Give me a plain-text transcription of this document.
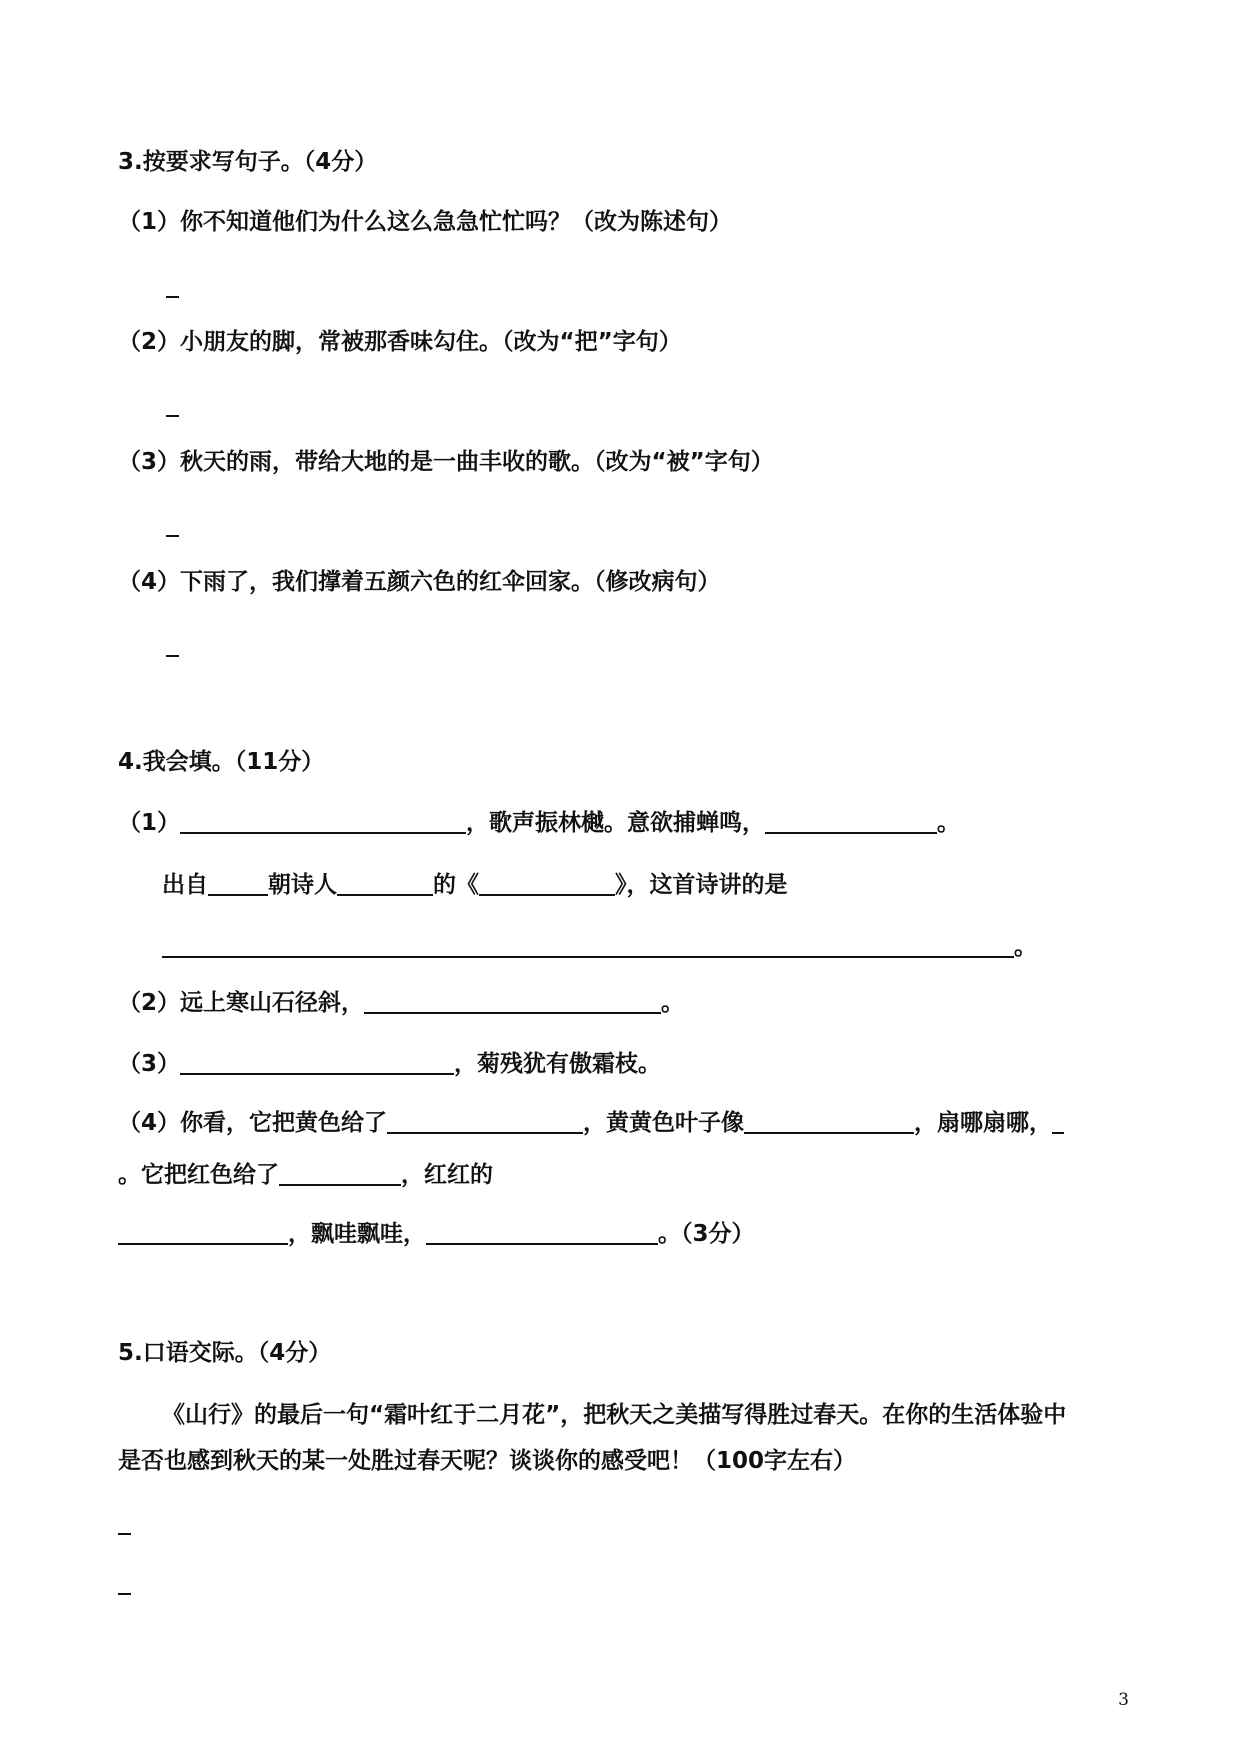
3.按要求写句子。（4分）
（1）你不知道他们为什么这么急急忙忙吗？（改为陈述句）
（2）小朋友的脚，常被那香味勾住。（改为“把”字句）
（3）秋天的雨，带给大地的是一曲丰收的歌。（改为“被”字句）
（4）下雨了，我们撑着五颜六色的红伞回家。（修改病句）
4.我会填。（11分）
（1）	，歌声振林樾。意欲捕蝉鸣，	。
出自	朝诗人	的《	》，这首诗讲的是
。
（2）远上寒山石径斜，	。
（3）	，菊残犹有傲霜枝。
（4）你看，它把黄色给了	，黄黄色叶子像	，扇哪扇哪，
。它把红色给了	，红红的
，飘哇飘哇，	。（3分）
5.口语交际。（4分）
《山行》的最后一句“霜叶红于二月花”，把秋天之美描写得胜过春天。在你的生活体验中
是否也感到秋天的某一处胜过春天呢？谈谈你的感受吧！（100字左右）
3
